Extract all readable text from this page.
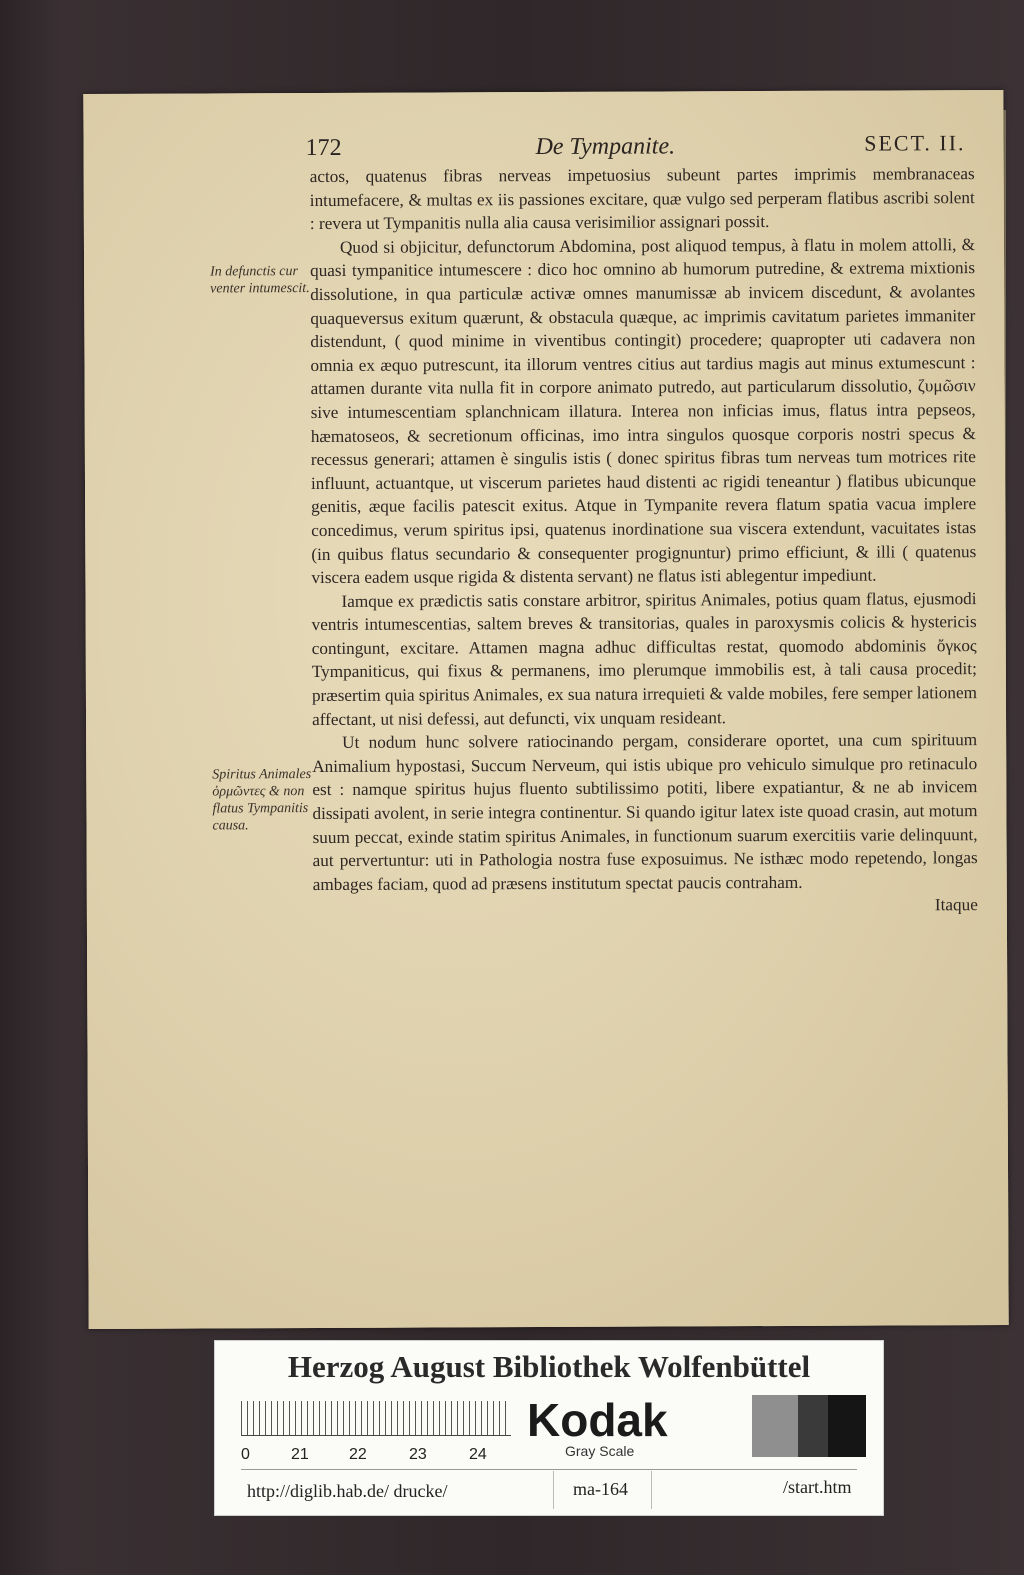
172	De Tympanite.	SECT. II.
In defunctis cur venter intumescit.
Spiritus Animales ὀρμῶντες & non flatus Tympanitis causa.

actos, quatenus fibras nerveas impetuosius subeunt partes imprimis membranaceas intumefacere, & multas ex iis passiones excitare, quæ vulgo sed perperam flatibus ascribi solent : revera ut Tympanitis nulla alia causa verisimilior assignari possit.

Quod si objicitur, defunctorum Abdomina, post aliquod tempus, à flatu in molem attolli, & quasi tympanitice intumescere : dico hoc omnino ab humorum putredine, & extrema mixtionis dissolutione, in qua particulæ activæ omnes manumissæ ab invicem discedunt, & avolantes quaqueversus exitum quærunt, & obstacula quæque, ac imprimis cavitatum parietes immaniter distendunt, ( quod minime in viventibus contingit) procedere; quapropter uti cadavera non omnia ex æquo putrescunt, ita illorum ventres citius aut tardius magis aut minus extumescunt : attamen durante vita nulla fit in corpore animato putredo, aut particularum dissolutio, ζυμῶσιν sive intumescentiam splanchnicam illatura. Interea non inficias imus, flatus intra pepseos, hæmatoseos, & secretionum officinas, imo intra singulos quosque corporis nostri specus & recessus generari; attamen è singulis istis ( donec spiritus fibras tum nerveas tum motrices rite influunt, actuantque, ut viscerum parietes haud distenti ac rigidi teneantur ) flatibus ubicunque genitis, æque facilis patescit exitus. Atque in Tympanite revera flatum spatia vacua implere concedimus, verum spiritus ipsi, quatenus inordinatione sua viscera extendunt, vacuitates istas (in quibus flatus secundario & consequenter progignuntur) primo efficiunt, & illi ( quatenus viscera eadem usque rigida & distenta servant) ne flatus isti ablegentur impediunt.

Iamque ex prædictis satis constare arbitror, spiritus Animales, potius quam flatus, ejusmodi ventris intumescentias, saltem breves & transitorias, quales in paroxysmis colicis & hystericis contingunt, excitare. Attamen magna adhuc difficultas restat, quomodo abdominis ὄγκος Tympaniticus, qui fixus & permanens, imo plerumque immobilis est, à tali causa procedit; præsertim quia spiritus Animales, ex sua natura irrequieti & valde mobiles, fere semper lationem affectant, ut nisi defessi, aut defuncti, vix unquam residеant.

Ut nodum hunc solvere ratiocinando pergam, considerare oportet, una cum spirituum Animalium hypostasi, Succum Nerveum, qui istis ubique pro vehiculo simulque pro retinaculo est : namque spiritus hujus fluento subtilissimo potiti, libere expatiantur, & ne ab invicem dissipati avolent, in serie integra continentur. Si quando igitur latex iste quoad crasin, aut motum suum peccat, exinde statim spiritus Animales, in functionum suarum exercitiis varie delinquunt, aut pervertuntur: uti in Pathologia nostra fuse exposuimus. Ne isthæc modo repetendo, longas ambages faciam, quod ad præsens institutum spectat paucis contraham.

Itaque

Herzog August Bibliothek Wolfenbüttel
0	21	22	23	24
Kodak
Gray Scale
http://diglib.hab.de/ drucke/	ma-164	/start.htm
